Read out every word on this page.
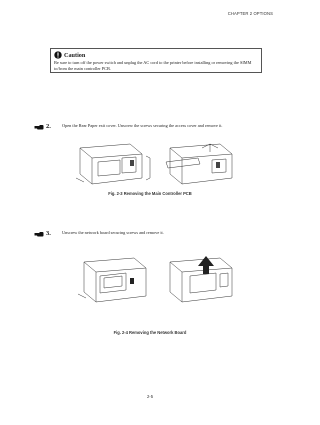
CHAPTER 2 OPTIONS
Caution
Be sure to turn off the power switch and unplug the AC cord to the printer before installing or removing the SIMM to/from the main controller PCB.
2.	Open the Rear Paper exit cover. Unscrew the screws securing the access cover and remove it.
Fig. 2-3 Removing the Main Controller PCB
3.	Unscrew the network board securing screws and remove it.
Fig. 2-4 Removing the Network Board
2-5
